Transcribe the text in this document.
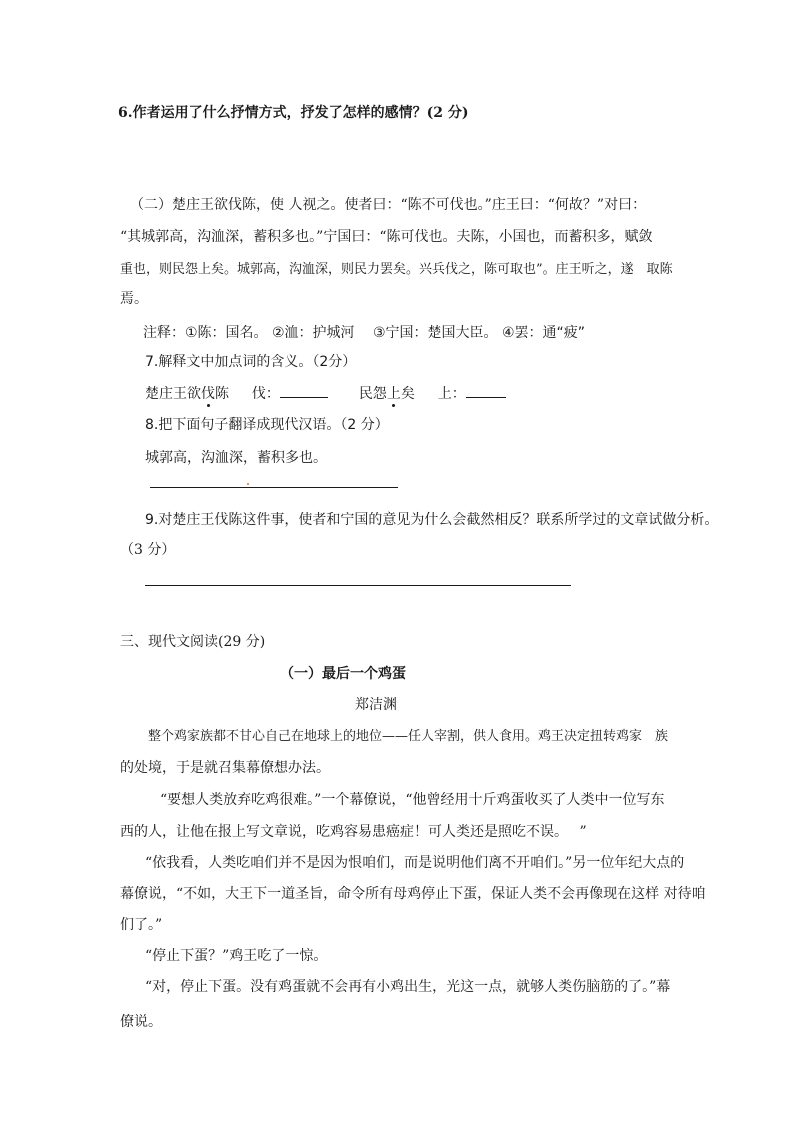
6.作者运用了什么抒情方式，抒发了怎样的感情？(2 分)
（二）楚庄王欲伐陈，使 人视之。使者曰：“陈不可伐也。”庄王曰：“何故？”对曰：
“其城郭高，沟洫深，蓄积多也。”宁国曰：“陈可伐也。夫陈，小国也，而蓄积多，赋敛
重也，则民怨上矣。城郭高，沟洫深，则民力罢矣。兴兵伐之，陈可取也”。庄王听之，遂　取陈
焉。
注释：①陈：国名。 ②洫：护城河　 ③宁国：楚国大臣。 ④罢：通“疲”
7.解释文中加点词的含义。（2分）
楚庄王欲伐陈 伐：	民怨上矣 上：
8.把下面句子翻译成现代汉语。（2 分）
城郭高，沟洫深，蓄积多也。
9.对楚庄王伐陈这件事，使者和宁国的意见为什么会截然相反？联系所学过的文章试做分析。
（3 分）
三、现代文阅读(29 分)
（一）最后一个鸡蛋
郑洁渊
整个鸡家族都不甘心自己在地球上的地位——任人宰割，供人食用。鸡王决定扭转鸡家　族
的处境，于是就召集幕僚想办法。
“要想人类放弃吃鸡很难。”一个幕僚说，“他曾经用十斤鸡蛋收买了人类中一位写东
西的人，让他在报上写文章说，吃鸡容易患癌症！可人类还是照吃不误。　 ”
“依我看，人类吃咱们并不是因为恨咱们，而是说明他们离不开咱们。”另一位年纪大点的
幕僚说，“不如，大王下一道圣旨，命令所有母鸡停止下蛋，保证人类不会再像现在这样 对待咱
们了。”
“停止下蛋？”鸡王吃了一惊。
“对，停止下蛋。没有鸡蛋就不会再有小鸡出生，光这一点，就够人类伤脑筋的了。”幕
僚说。
